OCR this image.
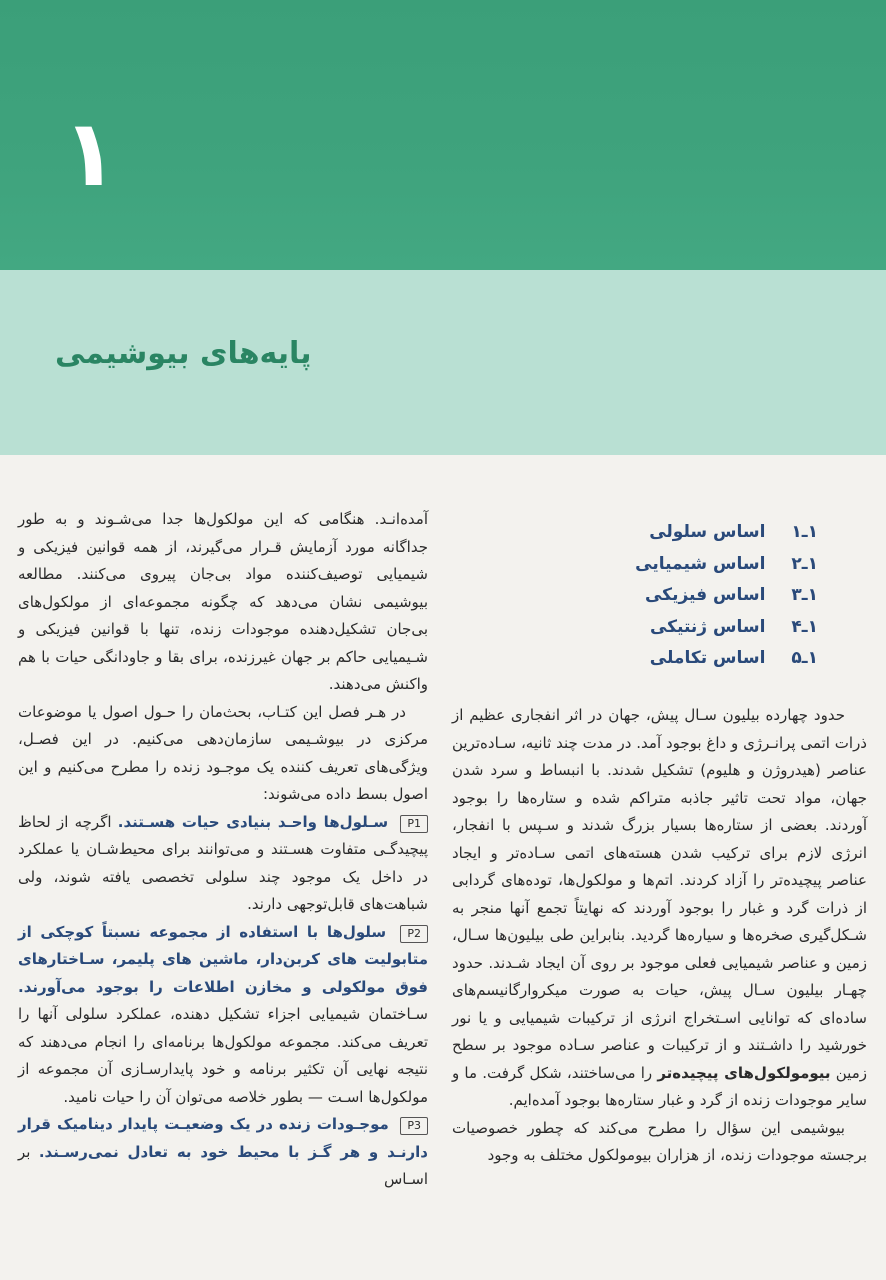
۱
پایه‌های بیوشیمی
۱ـ۱
اساس سلولی
۱ـ۲
اساس شیمیایی
۱ـ۳
اساس فیزیکی
۱ـ۴
اساس ژنتیکی
۱ـ۵
اساس تکاملی

حدود چهارده بیلیون سـال پیش، جهان در اثر انفجاری عظیم از ذرات اتمی پرانـرژی و داغ بوجود آمد. در مدت چند ثانیه، سـاده‌ترین عناصر (هیدروژن و هلیوم) تشکیل شدند. با انبساط و سرد شدن جهان، مواد تحت تاثیر جاذبه متراکم شده و ستاره‌ها را بوجود آوردند. بعضی از ستاره‌ها بسیار بزرگ شدند و سـپس با انفجار، انرژی لازم برای ترکیب شدن هسته‌های اتمی سـاده‌تر و ایجاد عناصر پیچیده‌تر را آزاد کردند. اتم‌ها و مولکول‌ها، توده‌های گردابی از ذرات گرد و غبار را بوجود آوردند که نهایتاً تجمع آنها منجر به شـکل‌گیری صخره‌ها و سیاره‌ها گردید. بنابراین طی بیلیون‌ها سـال، زمین و عناصر شیمیایی فعلی موجود بر روی آن ایجاد شـدند. حدود چهـار بیلیون سـال پیش، حیات به صورت میکروارگانیسم‌های ساده‌ای که توانایی اسـتخراج انرژی از ترکیبات شیمیایی و یا نور خورشید را داشـتند و از ترکیبات و عناصر سـاده موجود بر سطح زمین بیومولکول‌های پیچیده‌تر را می‌ساختند، شکل گرفت. ما و سایر موجودات زنده از گرد و غبار ستاره‌ها بوجود آمده‌ایم.

بیوشیمی این سؤال را مطرح می‌کند که چطور خصوصیات برجسته موجودات زنده، از هزاران بیومولکول مختلف به وجود

آمده‌انـد. هنگامی که این مولکول‌ها جدا می‌شـوند و به طور جداگانه مورد آزمایش قـرار می‌گیرند، از همه قوانین فیزیکی و شیمیایی توصیف‌کننده مواد بی‌جان پیروی می‌کنند. مطالعه بیوشیمی نشان می‌دهد که چگونه مجموعه‌ای از مولکول‌های بی‌جان تشکیل‌دهنده موجودات زنده، تنها با قوانین فیزیکی و شـیمیایی حاکم بر جهان غیرزنده، برای بقا و جاودانگی حیات با هم واکنش می‌دهند.

در هـر فصل این کتـاب، بحث‌مان را حـول اصول یا موضوعات مرکزی در بیوشـیمی سازمان‌دهی می‌کنیم. در این فصـل، ویژگی‌های تعریف کننده یک موجـود زنده را مطرح می‌کنیم و این اصول بسط داده می‌شوند:

P1 سـلول‌ها واحـد بنیادی حیات هسـتند. اگرچه از لحاظ پیچیدگـی متفاوت هسـتند و می‌توانند برای محیط‌شـان یا عملکرد در داخل یک موجود چند سلولی تخصصی یافته شوند، ولی شباهت‌های قابل‌توجهی دارند.

P2 سلول‌ها با استفاده از مجموعه نسبتاً کوچکی از متابولیت های کربن‌دار، ماشین های پلیمر، سـاختارهای فوق مولکولی و مخازن اطلاعات را بوجود می‌آورند. سـاختمان شیمیایی اجزاء تشکیل دهنده، عملکرد سلولی آنها را تعریف می‌کند. مجموعه مولکول‌ها برنامه‌ای را انجام می‌دهند که نتیجه نهایی آن تکثیر برنامه و خود پایدارسـازی آن مجموعه از مولکول‌ها اسـت — بطور خلاصه می‌توان آن را حیات نامید.

P3 موجـودات زنده در یک وضعیـت پایدار دینامیک قرار دارنـد و هر گـز با محیط خود به تعادل نمی‌رسـند. بر اسـاس
